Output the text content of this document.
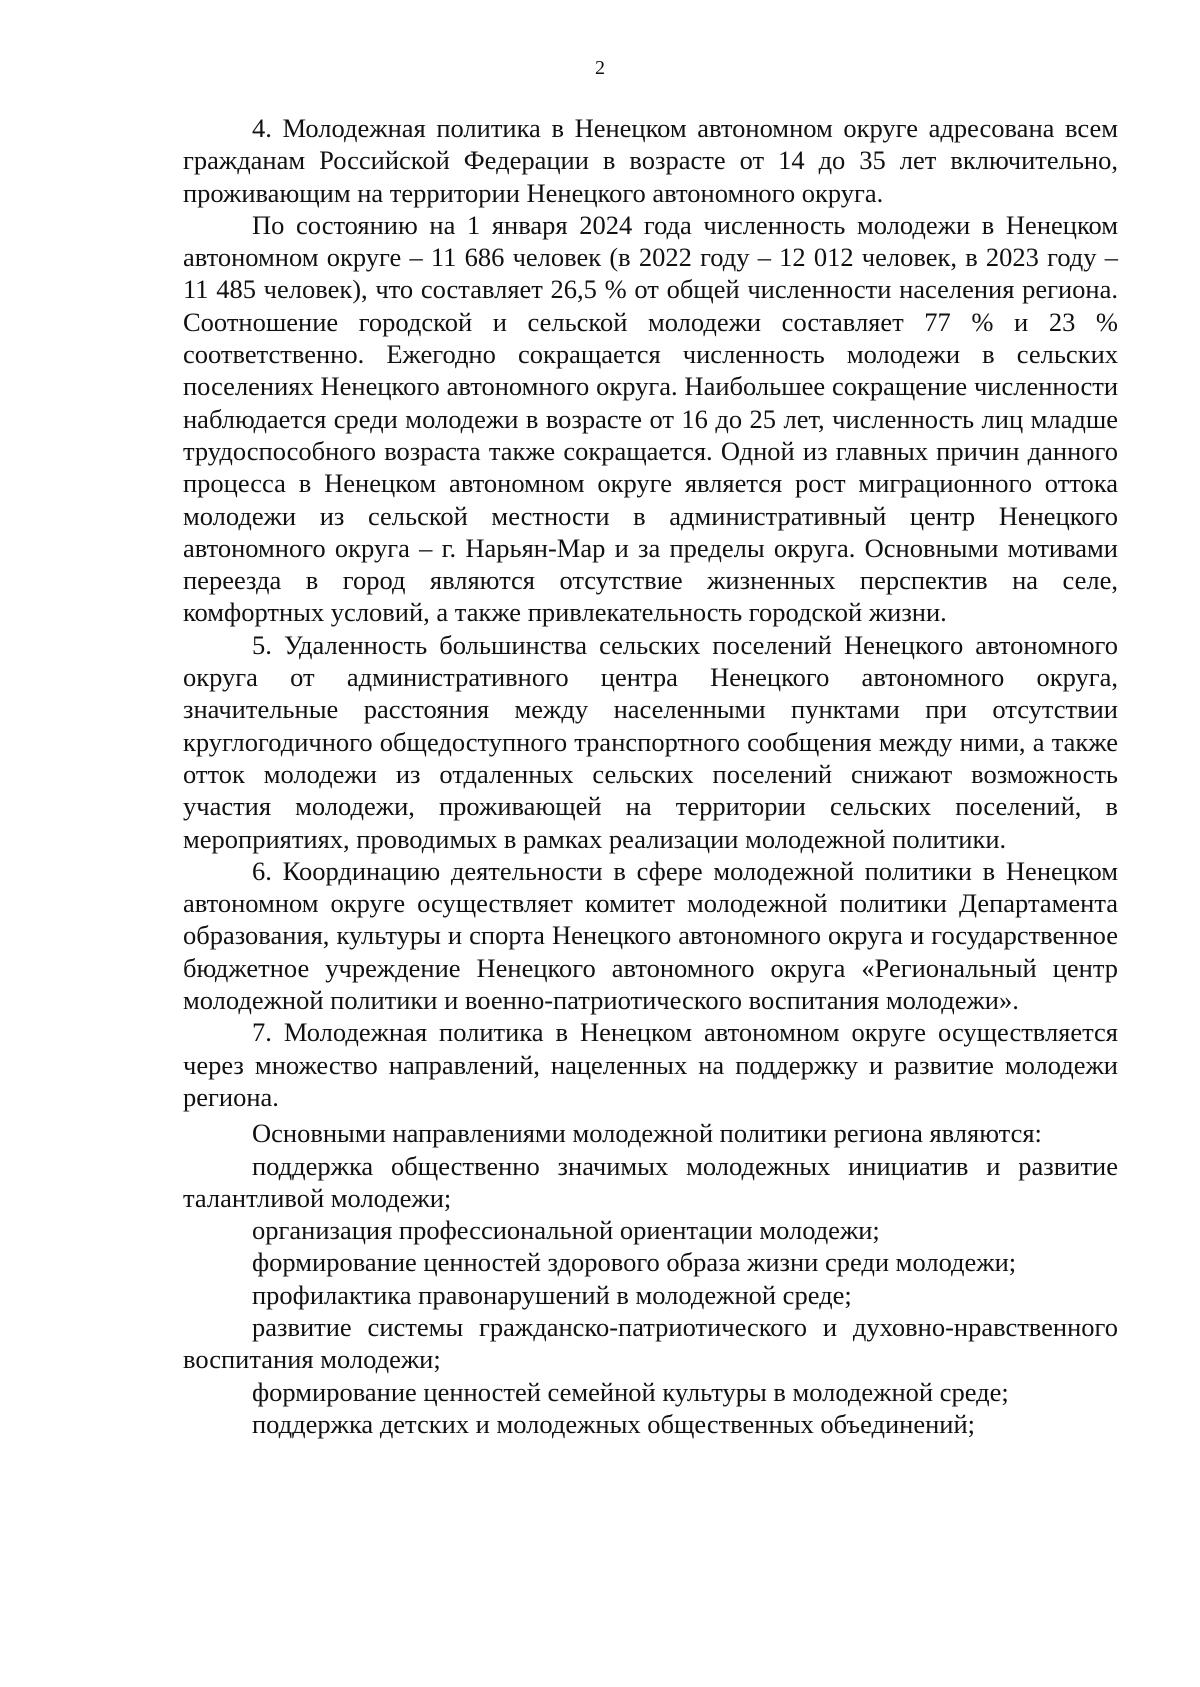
2

4. Молодежная политика в Ненецком автономном округе адресована всем гражданам Российской Федерации в возрасте от 14 до 35 лет включительно, проживающим на территории Ненецкого автономного округа.

По состоянию на 1 января 2024 года численность молодежи в Ненецком автономном округе – 11 686 человек (в 2022 году – 12 012 человек, в 2023 году – 11 485 человек), что составляет 26,5 % от общей численности населения региона. Соотношение городской и сельской молодежи составляет 77 % и 23 % соответственно. Ежегодно сокращается численность молодежи в сельских поселениях Ненецкого автономного округа. Наибольшее сокращение численности наблюдается среди молодежи в возрасте от 16 до 25 лет, численность лиц младше трудоспособного возраста также сокращается. Одной из главных причин данного процесса в Ненецком автономном округе является рост миграционного оттока молодежи из сельской местности в административный центр Ненецкого автономного округа – г. Нарьян-Мар и за пределы округа. Основными мотивами переезда в город являются отсутствие жизненных перспектив на селе, комфортных условий, а также привлекательность городской жизни.

5. Удаленность большинства сельских поселений Ненецкого автономного округа от административного центра Ненецкого автономного округа, значительные расстояния между населенными пунктами при отсутствии круглогодичного общедоступного транспортного сообщения между ними, а также отток молодежи из отдаленных сельских поселений снижают возможность участия молодежи, проживающей на территории сельских поселений, в мероприятиях, проводимых в рамках реализации молодежной политики.

6. Координацию деятельности в сфере молодежной политики в Ненецком автономном округе осуществляет комитет молодежной политики Департамента образования, культуры и спорта Ненецкого автономного округа и государственное бюджетное учреждение Ненецкого автономного округа «Региональный центр молодежной политики и военно-патриотического воспитания молодежи».

7. Молодежная политика в Ненецком автономном округе осуществляется через множество направлений, нацеленных на поддержку и развитие молодежи региона.

Основными направлениями молодежной политики региона являются:

поддержка общественно значимых молодежных инициатив и развитие талантливой молодежи;

организация профессиональной ориентации молодежи;

формирование ценностей здорового образа жизни среди молодежи;

профилактика правонарушений в молодежной среде;

развитие системы гражданско-патриотического и духовно-нравственного воспитания молодежи;

формирование ценностей семейной культуры в молодежной среде;

поддержка детских и молодежных общественных объединений;
